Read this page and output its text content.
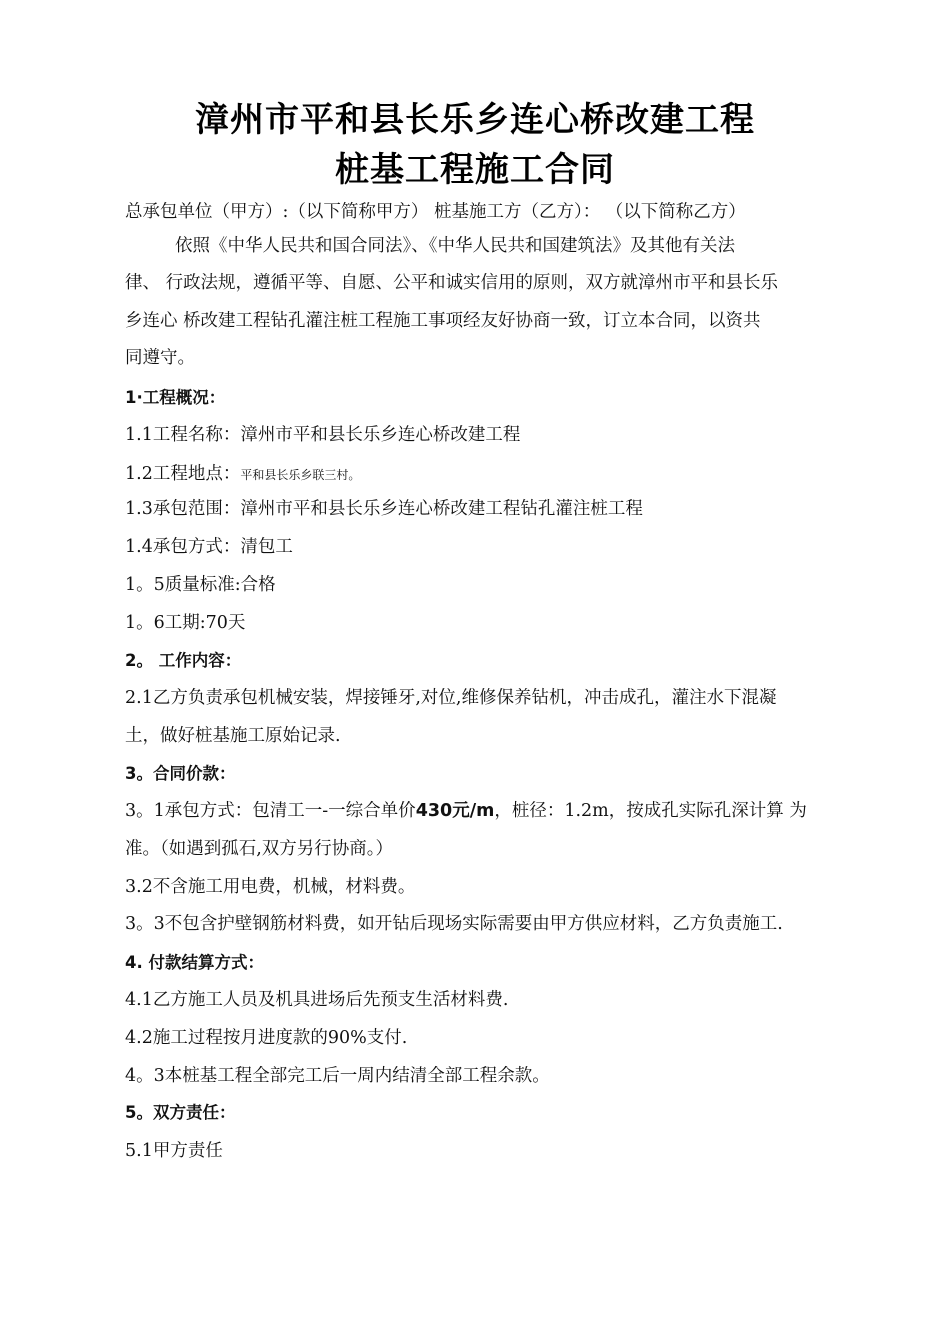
漳州市平和县长乐乡连心桥改建工程
桩基工程施工合同
总承包单位（甲方）:（以下简称甲方） 桩基施工方（乙方）： （以下简称乙方）
依照《中华人民共和国合同法》、《中华人民共和国建筑法》及其他有关法
律、 行政法规，遵循平等、自愿、公平和诚实信用的原则，双方就漳州市平和县长乐
乡连心 桥改建工程钻孔灌注桩工程施工事项经友好协商一致，订立本合同，以资共
同遵守。
1·工程概况：
1.1工程名称：漳州市平和县长乐乡连心桥改建工程
1.2工程地点：平和县长乐乡联三村。
1.3承包范围：漳州市平和县长乐乡连心桥改建工程钻孔灌注桩工程
1.4承包方式：清包工
1。5质量标准:合格
1。6工期:70天
2。 工作内容：
2.1乙方负责承包机械安装，焊接锤牙,对位,维修保养钻机，冲击成孔，灌注水下混凝
土，做好桩基施工原始记录.
3。合同价款：
3。1承包方式：包清工一-一综合单价430元/m，桩径：1.2m，按成孔实际孔深计算 为
准。（如遇到孤石,双方另行协商。）
3.2不含施工用电费，机械，材料费。
3。3不包含护壁钢筋材料费，如开钻后现场实际需要由甲方供应材料，乙方负责施工.
4. 付款结算方式：
4.1乙方施工人员及机具进场后先预支生活材料费.
4.2施工过程按月进度款的90%支付.
4。3本桩基工程全部完工后一周内结清全部工程余款。
5。双方责任：
5.1甲方责任
